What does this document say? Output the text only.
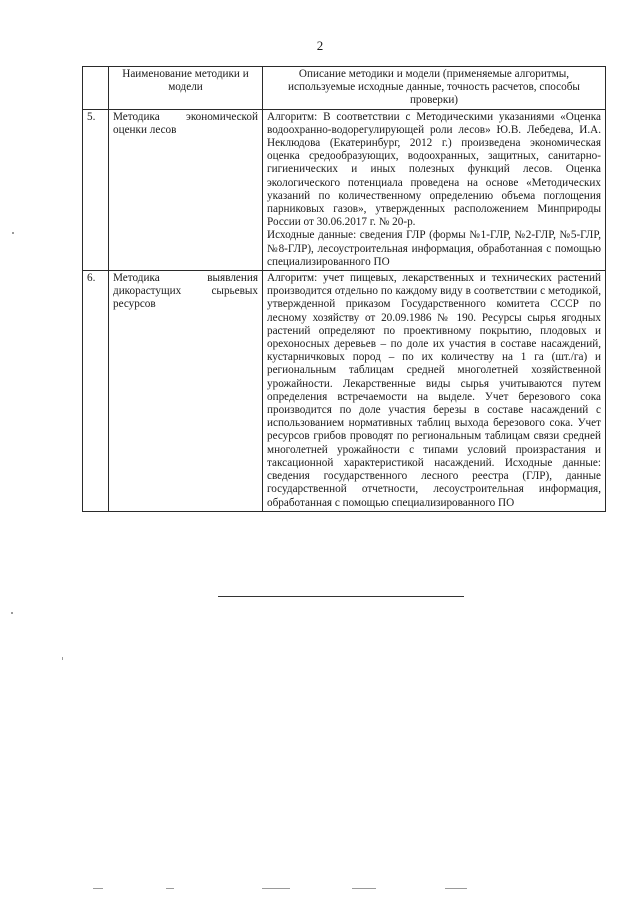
2
	Наименование методики и модели	Описание методики и модели (применяемые алгоритмы, используемые исходные данные, точность расчетов, способы проверки)
5.	Методика экономической оценки лесов	Алгоритм: В соответствии с Методическими указаниями «Оценка водоохранно-водорегулирующей роли лесов» Ю.В. Лебедева, И.А. Неклюдова (Екатеринбург, 2012 г.) произведена экономическая оценка средообразующих, водоохранных, защитных, санитарно-гигиенических и иных полезных функций лесов. Оценка экологического потенциала проведена на основе «Методических указаний по количественному определению объема поглощения парниковых газов», утвержденных расположением Минприроды России от 30.06.2017 г. № 20-р.
Исходные данные: сведения ГЛР (формы №1-ГЛР, №2-ГЛР, №5-ГЛР, №8-ГЛР), лесоустроительная информация, обработанная с помощью специализированного ПО

6.	Методика выявления дикорастущих сырьевых ресурсов	Алгоритм: учет пищевых, лекарственных и технических растений производится отдельно по каждому виду в соответствии с методикой, утвержденной приказом Государственного комитета СССР по лесному хозяйству от 20.09.1986 № 190. Ресурсы сырья ягодных растений определяют по проективному покрытию, плодовых и орехоносных деревьев – по доле их участия в составе насаждений, кустарничковых пород – по их количеству на 1 га (шт./га) и региональным таблицам средней многолетней хозяйственной урожайности. Лекарственные виды сырья учитываются путем определения встречаемости на выделе. Учет березового сока производится по доле участия березы в составе насаждений с использованием нормативных таблиц выхода березового сока. Учет ресурсов грибов проводят по региональным таблицам связи средней многолетней урожайности с типами условий произрастания и таксационной характеристикой насаждений. Исходные данные: сведения государственного лесного реестра (ГЛР), данные государственной отчетности, лесоустроительная информация, обработанная с помощью специализированного ПО
